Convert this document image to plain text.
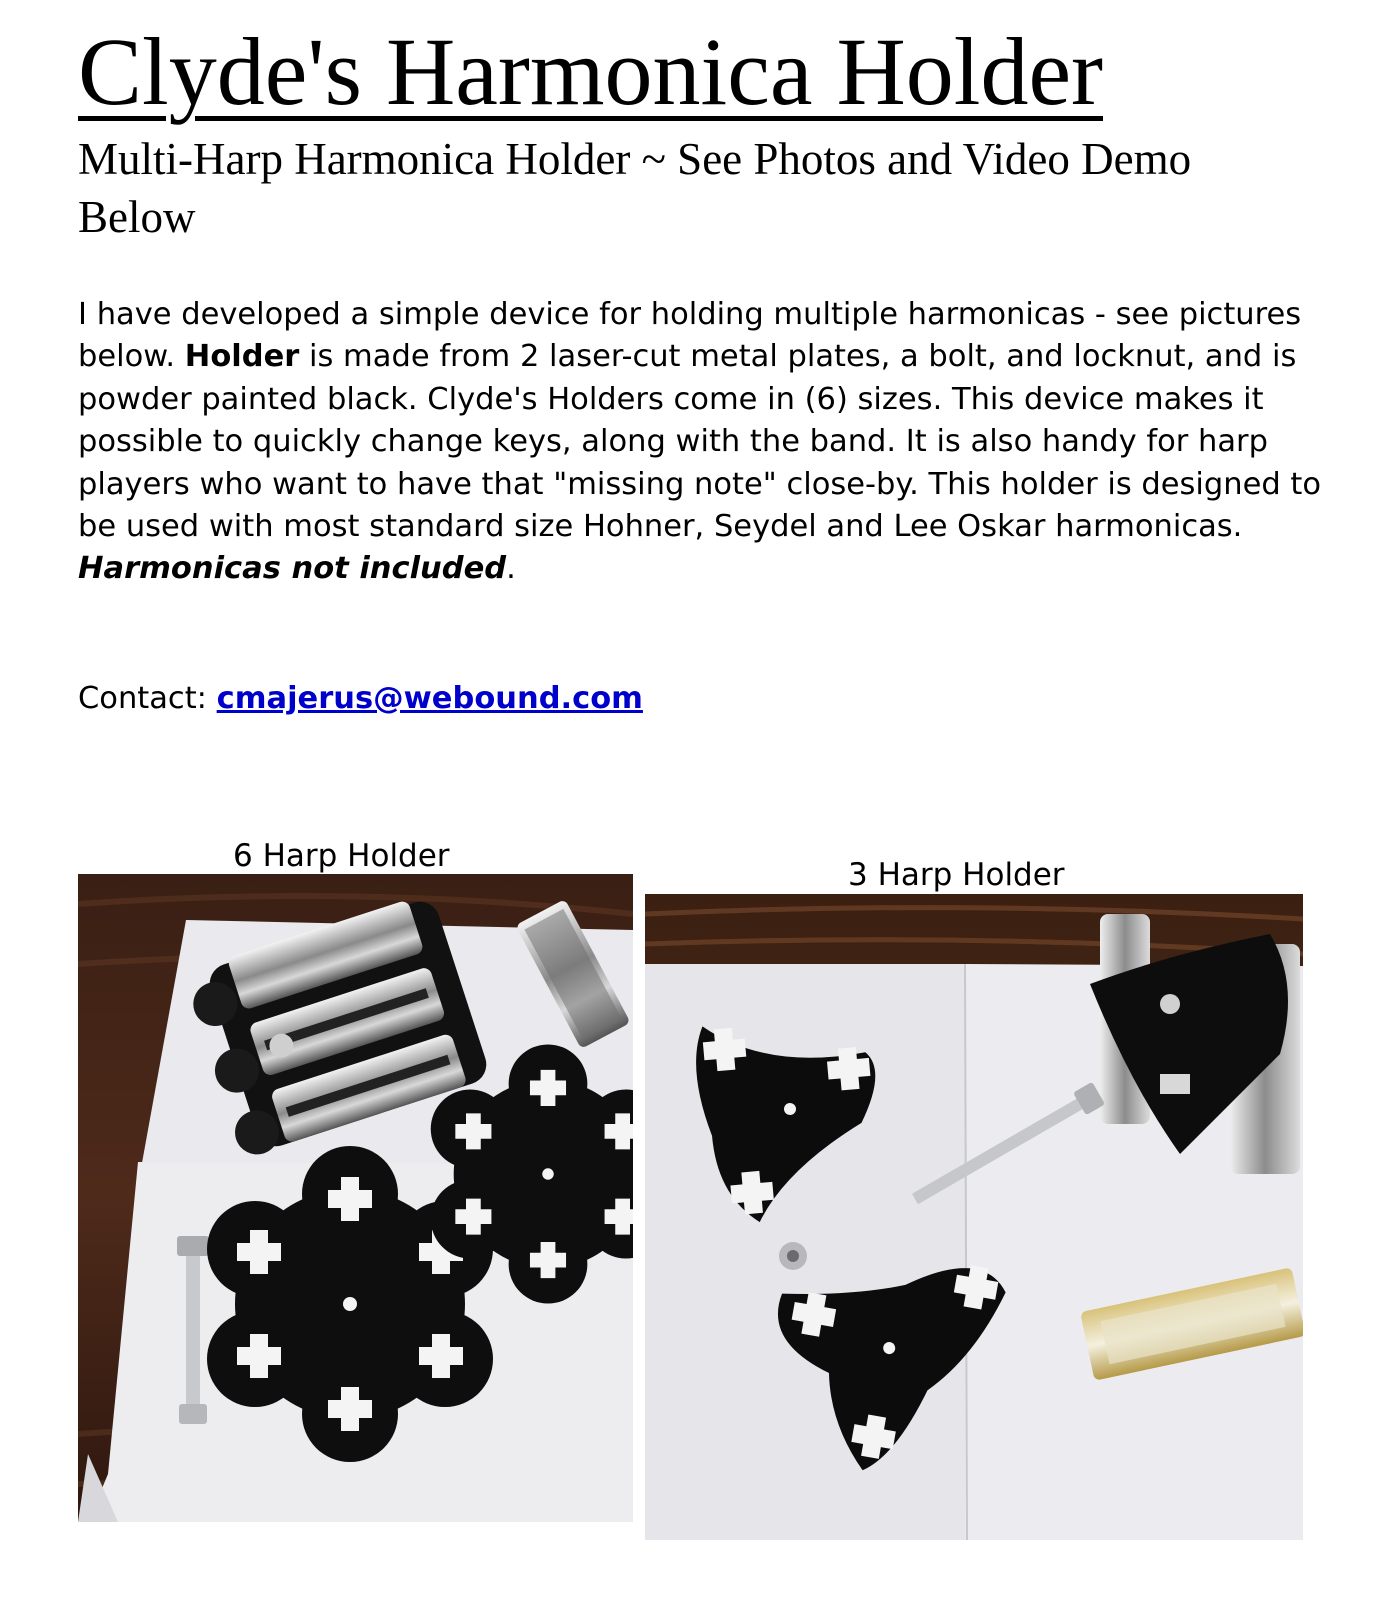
Clyde's Harmonica Holder
Multi-Harp Harmonica Holder ~ See Photos and Video Demo Below

I have developed a simple device for holding multiple harmonicas - see pictures below. Holder is made from 2 laser-cut metal plates, a bolt, and locknut, and is powder painted black. Clyde's Holders come in (6) sizes. This device makes it possible to quickly change keys, along with the band. It is also handy for harp players who want to have that "missing note" close-by. This holder is designed to be used with most standard size Hohner, Seydel and Lee Oskar harmonicas. Harmonicas not included.

Contact: cmajerus@webound.com

6 Harp Holder
3 Harp Holder
